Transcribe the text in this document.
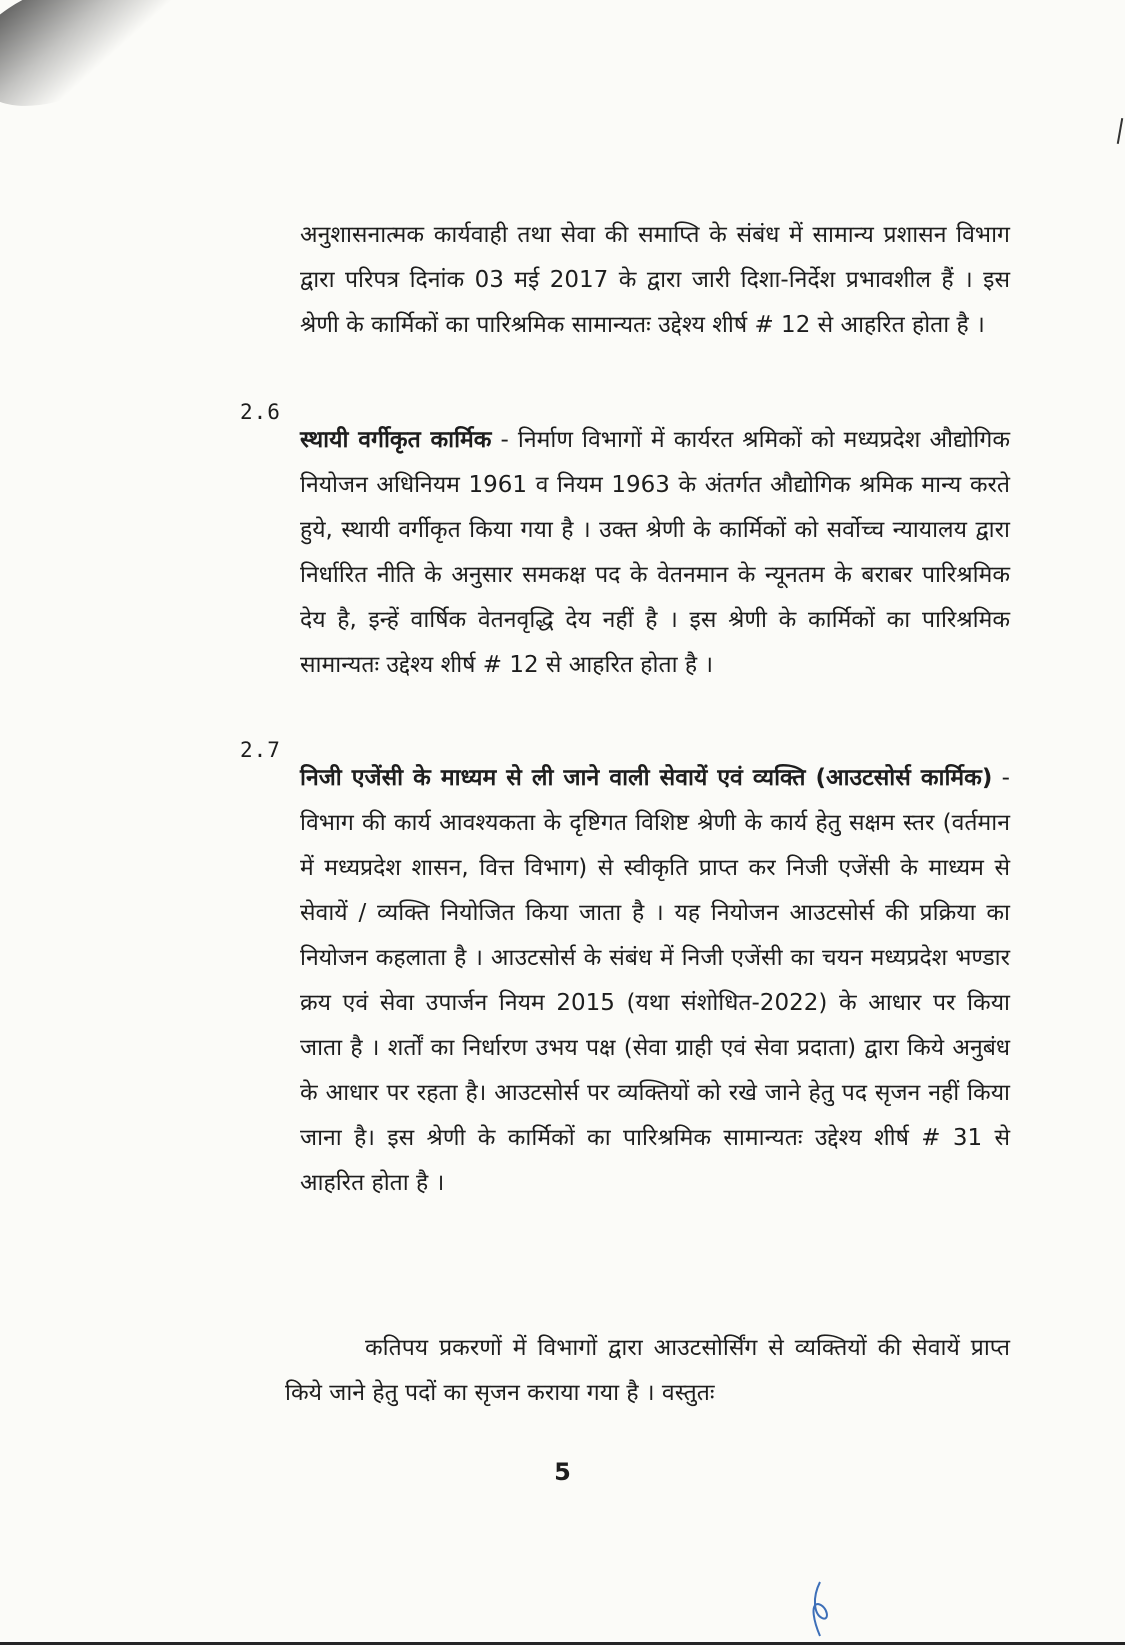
अनुशासनात्मक कार्यवाही तथा सेवा की समाप्ति के संबंध में सामान्य प्रशासन विभाग द्वारा परिपत्र दिनांक 03 मई 2017 के द्वारा जारी दिशा-निर्देश प्रभावशील हैं । इस श्रेणी के कार्मिकों का पारिश्रमिक सामान्यतः उद्देश्य शीर्ष # 12 से आहरित होता है ।

2.6

स्थायी वर्गीकृत कार्मिक - निर्माण विभागों में कार्यरत श्रमिकों को मध्यप्रदेश औद्योगिक नियोजन अधिनियम 1961 व नियम 1963 के अंतर्गत औद्योगिक श्रमिक मान्य करते हुये, स्थायी वर्गीकृत किया गया है । उक्त श्रेणी के कार्मिकों को सर्वोच्च न्यायालय द्वारा निर्धारित नीति के अनुसार समकक्ष पद के वेतनमान के न्यूनतम के बराबर पारिश्रमिक देय है, इन्हें वार्षिक वेतनवृद्धि देय नहीं है । इस श्रेणी के कार्मिकों का पारिश्रमिक सामान्यतः उद्देश्य शीर्ष # 12 से आहरित होता है ।

2.7

निजी एजेंसी के माध्यम से ली जाने वाली सेवायें एवं व्यक्ति (आउटसोर्स कार्मिक) - विभाग की कार्य आवश्यकता के दृष्टिगत विशिष्ट श्रेणी के कार्य हेतु सक्षम स्तर (वर्तमान में मध्यप्रदेश शासन, वित्त विभाग) से स्वीकृति प्राप्त कर निजी एजेंसी के माध्यम से सेवायें / व्यक्ति नियोजित किया जाता है । यह नियोजन आउटसोर्स की प्रक्रिया का नियोजन कहलाता है । आउटसोर्स के संबंध में निजी एजेंसी का चयन मध्यप्रदेश भण्डार क्रय एवं सेवा उपार्जन नियम 2015 (यथा संशोधित-2022) के आधार पर किया जाता है । शर्तों का निर्धारण उभय पक्ष (सेवा ग्राही एवं सेवा प्रदाता) द्वारा किये अनुबंध के आधार पर रहता है। आउटसोर्स पर व्यक्तियों को रखे जाने हेतु पद सृजन नहीं किया जाना है। इस श्रेणी के कार्मिकों का पारिश्रमिक सामान्यतः उद्देश्य शीर्ष # 31 से आहरित होता है ।

कतिपय प्रकरणों में विभागों द्वारा आउटसोर्सिंग से व्यक्तियों की सेवायें प्राप्त किये जाने हेतु पदों का सृजन कराया गया है । वस्तुतः

5
